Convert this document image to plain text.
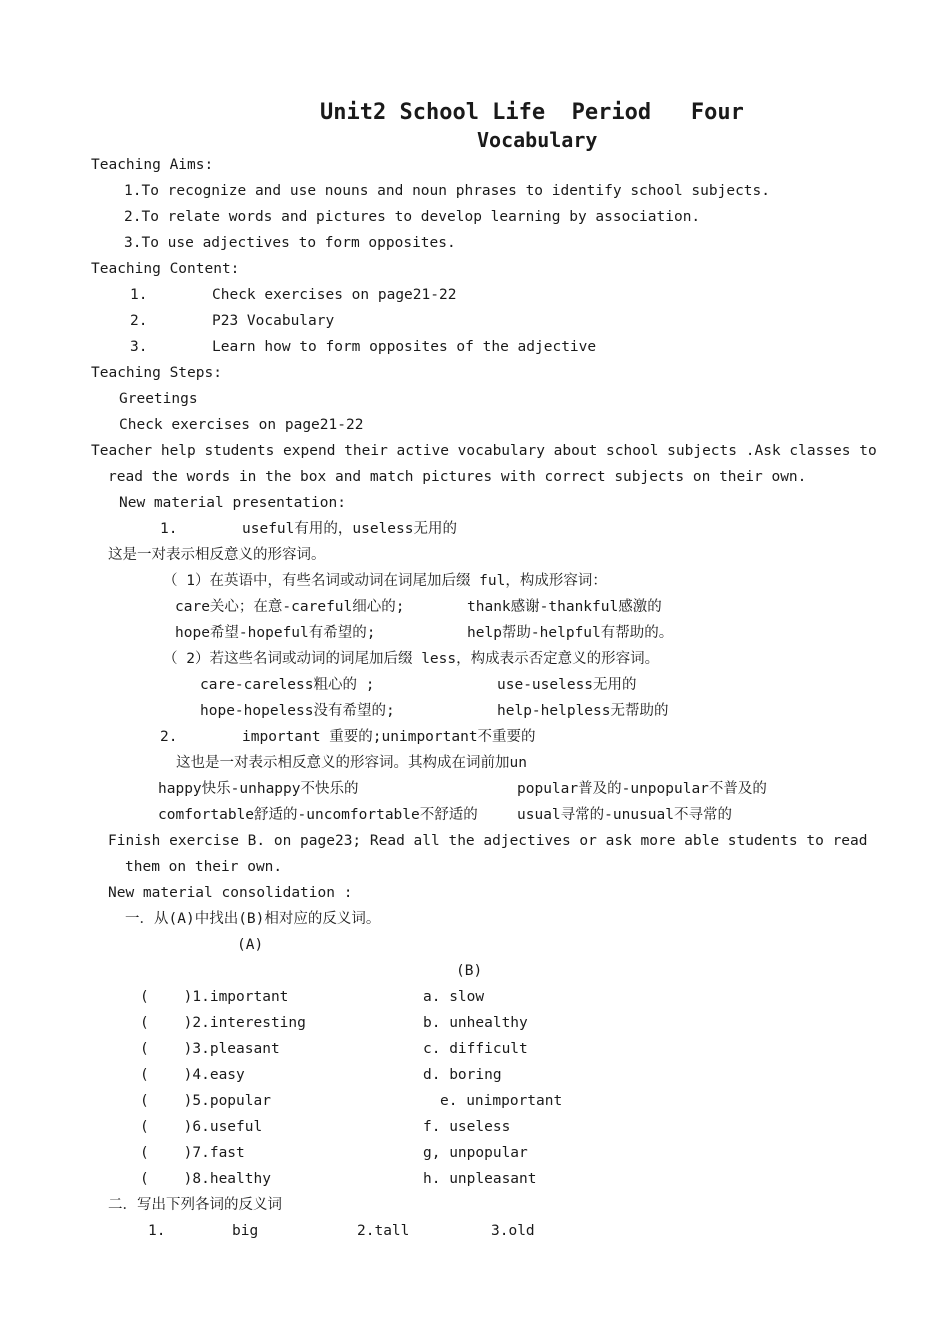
Unit2 School Life  Period   Four
Vocabulary
Teaching Aims:
1.To recognize and use nouns and noun phrases to identify school subjects.
2.To relate words and pictures to develop learning by association.
3.To use adjectives to form opposites.
Teaching Content:
1.	Check exercises on page21-22
2.	P23 Vocabulary
3.	Learn how to form opposites of the adjective
Teaching Steps:
Greetings
Check exercises on page21-22
Teacher help students expend their active vocabulary about school subjects .Ask classes to
read the words in the box and match pictures with correct subjects on their own.
New material presentation:
1.	useful有用的，useless无用的
这是一对表示相反意义的形容词。
（ 1）在英语中，有些名词或动词在词尾加后缀 ful，构成形容词：
care关心；在意-careful细心的;	thank感谢-thankful感激的
hope希望-hopeful有希望的;	help帮助-helpful有帮助的。
（ 2）若这些名词或动词的词尾加后缀 less，构成表示否定意义的形容词。
care-careless粗心的 ;	use-useless无用的
hope-hopeless没有希望的;	help-helpless无帮助的
2.	important 重要的;unimportant不重要的
这也是一对表示相反意义的形容词。其构成在词前加un
happy快乐-unhappy不快乐的	popular普及的-unpopular不普及的
comfortable舒适的-uncomfortable不舒适的	usual寻常的-unusual不寻常的
Finish exercise B. on page23; Read all the adjectives or ask more able students to read
them on their own.
New material consolidation :
一．从(A)中找出(B)相对应的反义词。
(A)
(B)
(    )1.important	a. slow
(    )2.interesting	b. unhealthy
(    )3.pleasant	c. difficult
(    )4.easy	d. boring
(    )5.popular	e. unimportant
(    )6.useful	f. useless
(    )7.fast	g, unpopular
(    )8.healthy	h. unpleasant
二．写出下列各词的反义词
1.	big	2.tall	3.old
